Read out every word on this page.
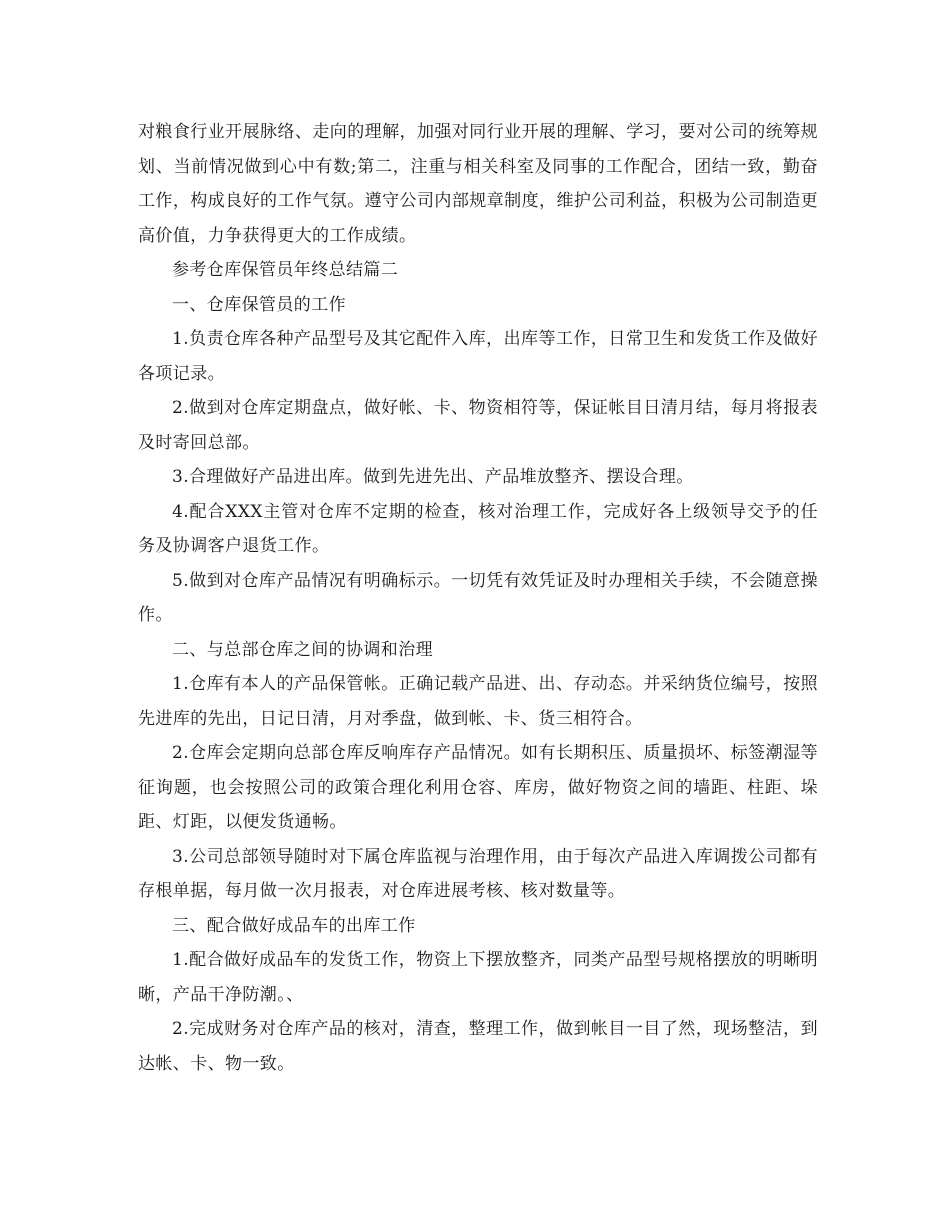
对粮食行业开展脉络、走向的理解，加强对同行业开展的理解、学习，要对公司的统筹规划、当前情况做到心中有数;第二，注重与相关科室及同事的工作配合，团结一致，勤奋工作，构成良好的工作气氛。遵守公司内部规章制度，维护公司利益，积极为公司制造更高价值，力争获得更大的工作成绩。

参考仓库保管员年终总结篇二

一、仓库保管员的工作

1.负责仓库各种产品型号及其它配件入库，出库等工作，日常卫生和发货工作及做好各项记录。

2.做到对仓库定期盘点，做好帐、卡、物资相符等，保证帐目日清月结，每月将报表及时寄回总部。

3.合理做好产品进出库。做到先进先出、产品堆放整齐、摆设合理。

4.配合XXX主管对仓库不定期的检查，核对治理工作，完成好各上级领导交予的任务及协调客户退货工作。

5.做到对仓库产品情况有明确标示。一切凭有效凭证及时办理相关手续，不会随意操作。

二、与总部仓库之间的协调和治理

1.仓库有本人的产品保管帐。正确记载产品进、出、存动态。并采纳货位编号，按照先进库的先出，日记日清，月对季盘，做到帐、卡、货三相符合。

2.仓库会定期向总部仓库反响库存产品情况。如有长期积压、质量损坏、标签潮湿等征询题，也会按照公司的政策合理化利用仓容、库房，做好物资之间的墙距、柱距、垛距、灯距，以便发货通畅。

3.公司总部领导随时对下属仓库监视与治理作用，由于每次产品进入库调拨公司都有存根单据，每月做一次月报表，对仓库进展考核、核对数量等。

三、配合做好成品车的出库工作

1.配合做好成品车的发货工作，物资上下摆放整齐，同类产品型号规格摆放的明晰明晰，产品干净防潮。、

2.完成财务对仓库产品的核对，清查，整理工作，做到帐目一目了然，现场整洁，到达帐、卡、物一致。
